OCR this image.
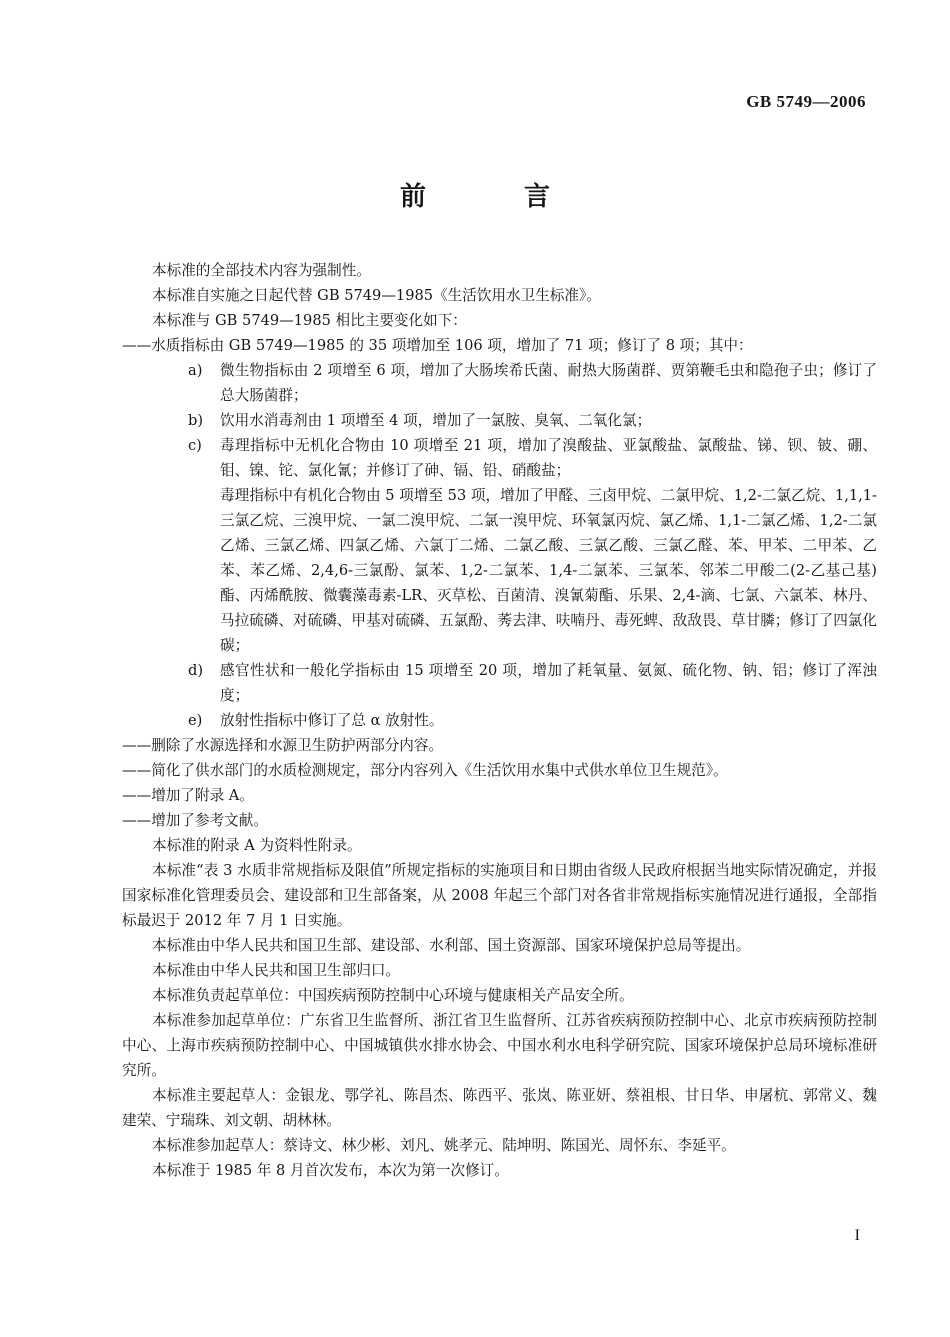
GB 5749—2006
前　言

本标准的全部技术内容为强制性。

本标准自实施之日起代替 GB 5749—1985《生活饮用水卫生标准》。

本标准与 GB 5749—1985 相比主要变化如下：

——水质指标由 GB 5749—1985 的 35 项增加至 106 项，增加了 71 项；修订了 8 项；其中：

a) 微生物指标由 2 项增至 6 项，增加了大肠埃希氏菌、耐热大肠菌群、贾第鞭毛虫和隐孢子虫；修订了总大肠菌群；

b) 饮用水消毒剂由 1 项增至 4 项，增加了一氯胺、臭氧、二氧化氯；

c) 毒理指标中无机化合物由 10 项增至 21 项，增加了溴酸盐、亚氯酸盐、氯酸盐、锑、钡、铍、硼、钼、镍、铊、氯化氰；并修订了砷、镉、铅、硝酸盐；

毒理指标中有机化合物由 5 项增至 53 项，增加了甲醛、三卤甲烷、二氯甲烷、1,2-二氯乙烷、1,1,1-三氯乙烷、三溴甲烷、一氯二溴甲烷、二氯一溴甲烷、环氧氯丙烷、氯乙烯、1,1-二氯乙烯、1,2-二氯乙烯、三氯乙烯、四氯乙烯、六氯丁二烯、二氯乙酸、三氯乙酸、三氯乙醛、苯、甲苯、二甲苯、乙苯、苯乙烯、2,4,6-三氯酚、氯苯、1,2-二氯苯、1,4-二氯苯、三氯苯、邻苯二甲酸二(2-乙基己基)酯、丙烯酰胺、微囊藻毒素-LR、灭草松、百菌清、溴氰菊酯、乐果、2,4-滴、七氯、六氯苯、林丹、马拉硫磷、对硫磷、甲基对硫磷、五氯酚、莠去津、呋喃丹、毒死蜱、敌敌畏、草甘膦；修订了四氯化碳；

d) 感官性状和一般化学指标由 15 项增至 20 项，增加了耗氧量、氨氮、硫化物、钠、铝；修订了浑浊度；

e) 放射性指标中修订了总 α 放射性。

——删除了水源选择和水源卫生防护两部分内容。

——简化了供水部门的水质检测规定，部分内容列入《生活饮用水集中式供水单位卫生规范》。

——增加了附录 A。

——增加了参考文献。

本标准的附录 A 为资料性附录。

本标准“表 3 水质非常规指标及限值”所规定指标的实施项目和日期由省级人民政府根据当地实际情况确定，并报国家标准化管理委员会、建设部和卫生部备案，从 2008 年起三个部门对各省非常规指标实施情况进行通报，全部指标最迟于 2012 年 7 月 1 日实施。

本标准由中华人民共和国卫生部、建设部、水利部、国土资源部、国家环境保护总局等提出。

本标准由中华人民共和国卫生部归口。

本标准负责起草单位：中国疾病预防控制中心环境与健康相关产品安全所。

本标准参加起草单位：广东省卫生监督所、浙江省卫生监督所、江苏省疾病预防控制中心、北京市疾病预防控制中心、上海市疾病预防控制中心、中国城镇供水排水协会、中国水利水电科学研究院、国家环境保护总局环境标准研究所。

本标准主要起草人：金银龙、鄂学礼、陈昌杰、陈西平、张岚、陈亚妍、蔡祖根、甘日华、申屠杭、郭常义、魏建荣、宁瑞珠、刘文朝、胡林林。

本标准参加起草人：蔡诗文、林少彬、刘凡、姚孝元、陆坤明、陈国光、周怀东、李延平。

本标准于 1985 年 8 月首次发布，本次为第一次修订。

I
